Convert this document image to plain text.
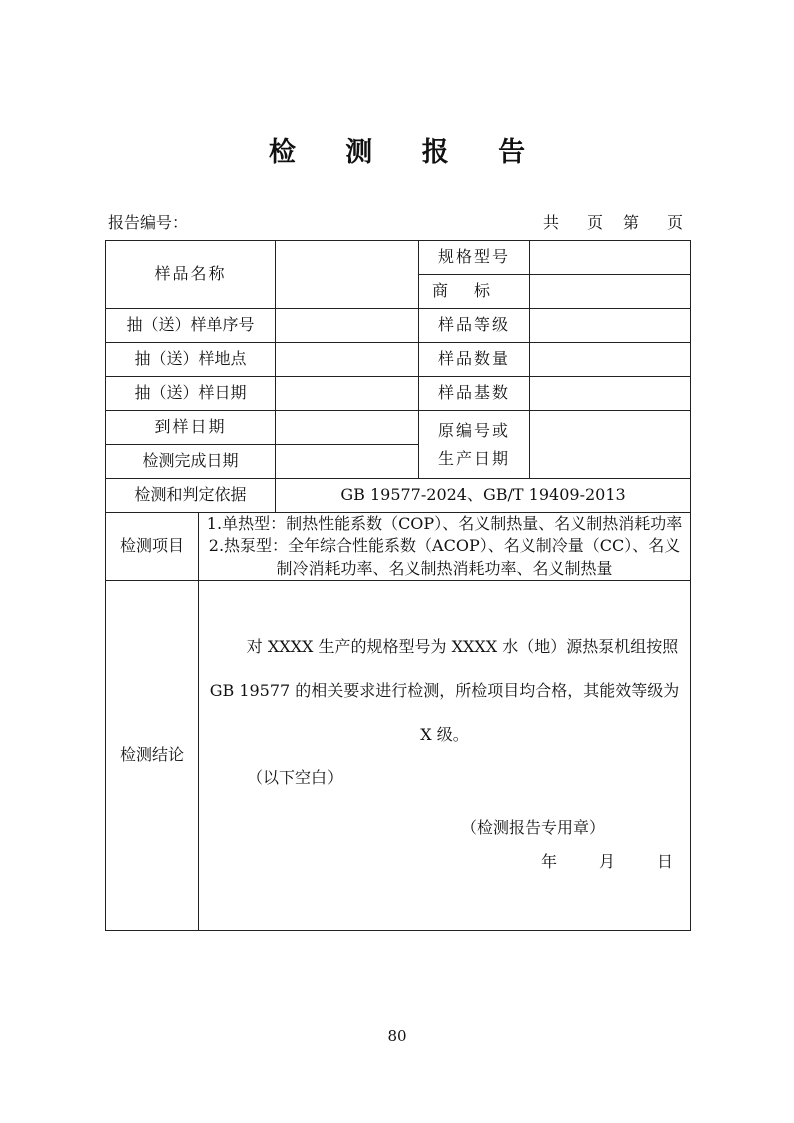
检 测 报 告
报告编号：	共 页 第 页
样品名称			规格型号	
			商标	
抽（送）样单序号			样品等级	
抽（送）样地点			样品数量	
抽（送）样日期			样品基数	
到样日期			原编号或生产日期	
检测完成日期				
检测和判定依据		GB 19577-2024、GB/T 19409-2013		
检测项目	1.单热型：制热性能系数（COP）、名义制热量、名义制热消耗功率
2.热泵型：全年综合性能系数（ACOP）、名义制冷量（CC）、名义制冷消耗功率、名义制热消耗功率、名义制热量			
检测结论	对 XXXX 生产的规格型号为 XXXX 水（地）源热泵机组按照 GB 19577 的相关要求进行检测，所检项目均合格，其能效等级为 X 级。
（以下空白）
（检测报告专用章）
年 月 日			
80
